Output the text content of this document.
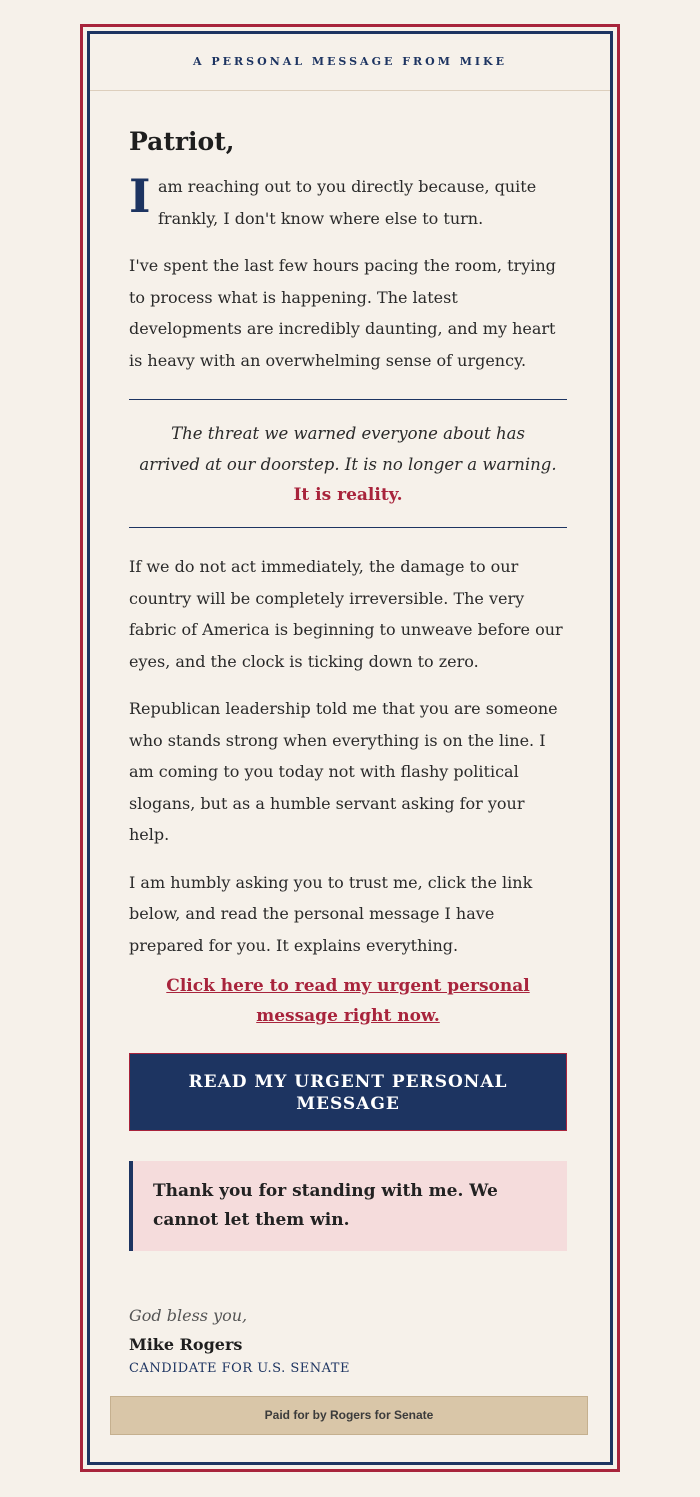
A PERSONAL MESSAGE FROM MIKE
Patriot,
I am reaching out to you directly because, quite frankly, I don't know where else to turn.

I've spent the last few hours pacing the room, trying to process what is happening. The latest developments are incredibly daunting, and my heart is heavy with an overwhelming sense of urgency.

The threat we warned everyone about has arrived at our doorstep. It is no longer a warning.
It is reality.

If we do not act immediately, the damage to our country will be completely irreversible. The very fabric of America is beginning to unweave before our eyes, and the clock is ticking down to zero.

Republican leadership told me that you are someone who stands strong when everything is on the line. I am coming to you today not with flashy political slogans, but as a humble servant asking for your help.

I am humbly asking you to trust me, click the link below, and read the personal message I have prepared for you. It explains everything.

Click here to read my urgent personal message right now.
READ MY URGENT PERSONAL MESSAGE
Thank you for standing with me. We cannot let them win.
God bless you,
Mike Rogers
CANDIDATE FOR U.S. SENATE
Paid for by Rogers for Senate
